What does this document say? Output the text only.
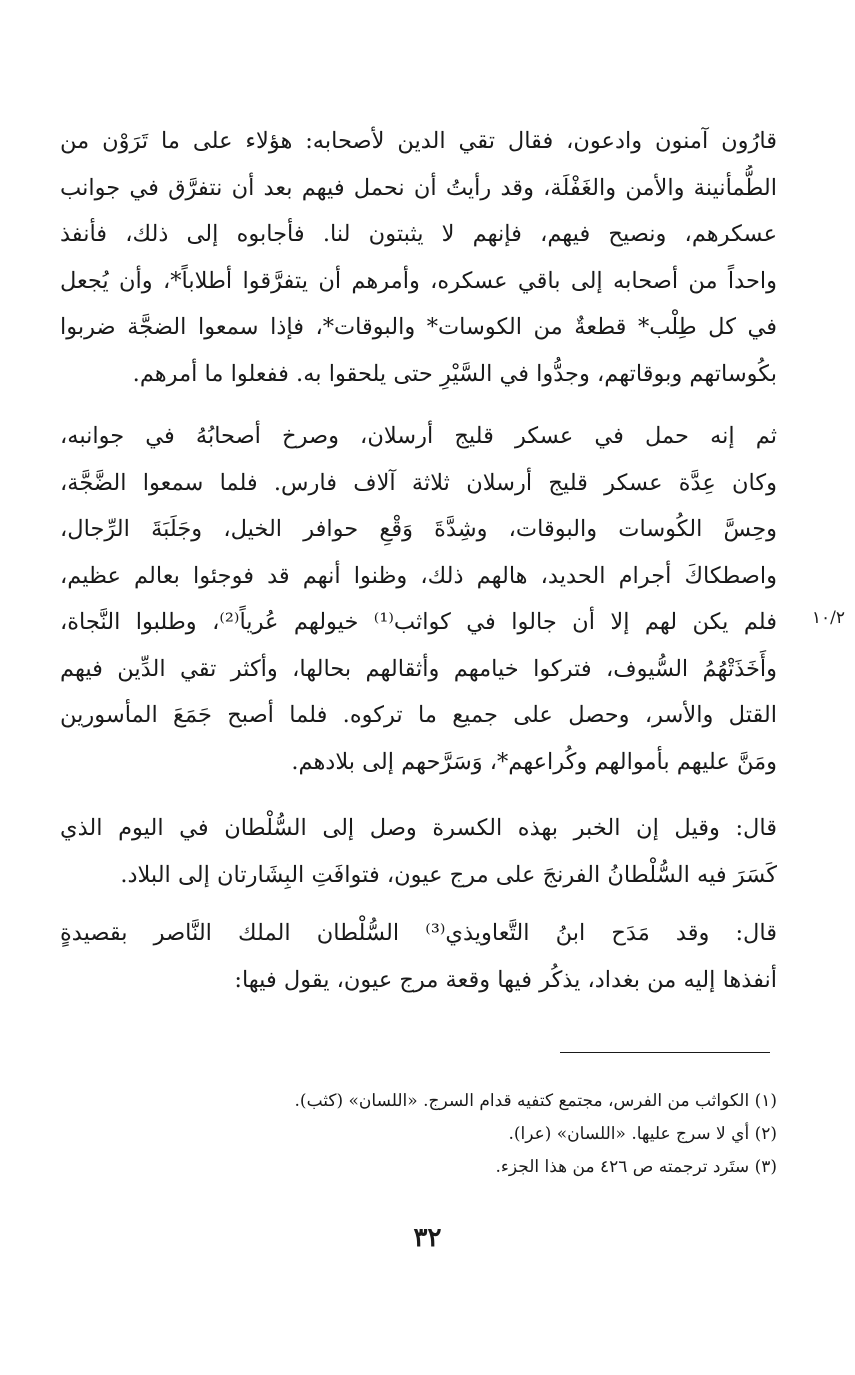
قارُون آمنون وادعون، فقال تقي الدين لأصحابه: هؤلاء على ما تَرَوْن من
الطُّمأنينة والأمن والغَفْلَة، وقد رأيتُ أن نحمل فيهم بعد أن نتفرَّق في جوانب
عسكرهم، ونصيح فيهم، فإنهم لا يثبتون لنا. فأجابوه إلى ذلك، فأنفذ
واحداً من أصحابه إلى باقي عسكره، وأمرهم أن يتفرَّقوا أطلاباً*، وأن يُجعل
في كل طِلْب* قطعةٌ من الكوسات* والبوقات*، فإذا سمعوا الضجَّة ضربوا
بكُوساتهم وبوقاتهم، وجدُّوا في السَّيْرِ حتى يلحقوا به. ففعلوا ما أمرهم.
ثم إنه حمل في عسكر قليج أرسلان، وصرخ أصحابُهُ في جوانبه،
وكان عِدَّة عسكر قليج أرسلان ثلاثة آلاف فارس. فلما سمعوا الضَّجَّة،
وحِسَّ الكُوسات والبوقات، وشِدَّةَ وَقْعِ حوافر الخيل، وجَلَبَةَ الرِّجال،
واصطكاكَ أجرام الحديد، هالهم ذلك، وظنوا أنهم قد فوجئوا بعالم عظيم،
فلم يكن لهم إلا أن جالوا في كواثب⁽¹⁾ خيولهم عُرياً⁽²⁾، وطلبوا النَّجاة،
وأَخَذَتْهُمُ السُّيوف، فتركوا خيامهم وأثقالهم بحالها، وأكثر تقي الدِّين فيهم
القتل والأسر، وحصل على جميع ما تركوه. فلما أصبح جَمَعَ المأسورين
ومَنَّ عليهم بأموالهم وكُراعهم*، وَسَرَّحهم إلى بلادهم.
١٠/٢
قال: وقيل إن الخبر بهذه الكسرة وصل إلى السُّلْطان في اليوم الذي
كَسَرَ فيه السُّلْطانُ الفرنجَ على مرج عيون، فتوافَتِ البِشَارتان إلى البلاد.
قال: وقد مَدَح ابنُ التَّعاويذي⁽³⁾ السُّلْطان الملك النَّاصر بقصيدةٍ
أنفذها إليه من بغداد، يذكُر فيها وقعة مرج عيون، يقول فيها:
(١) الكواثب من الفرس، مجتمع كتفيه قدام السرج. «اللسان» (كثب).
(٢) أي لا سرج عليها. «اللسان» (عرا).
(٣) ستَرد ترجمته ص ٤٢٦ من هذا الجزء.
٣٢
